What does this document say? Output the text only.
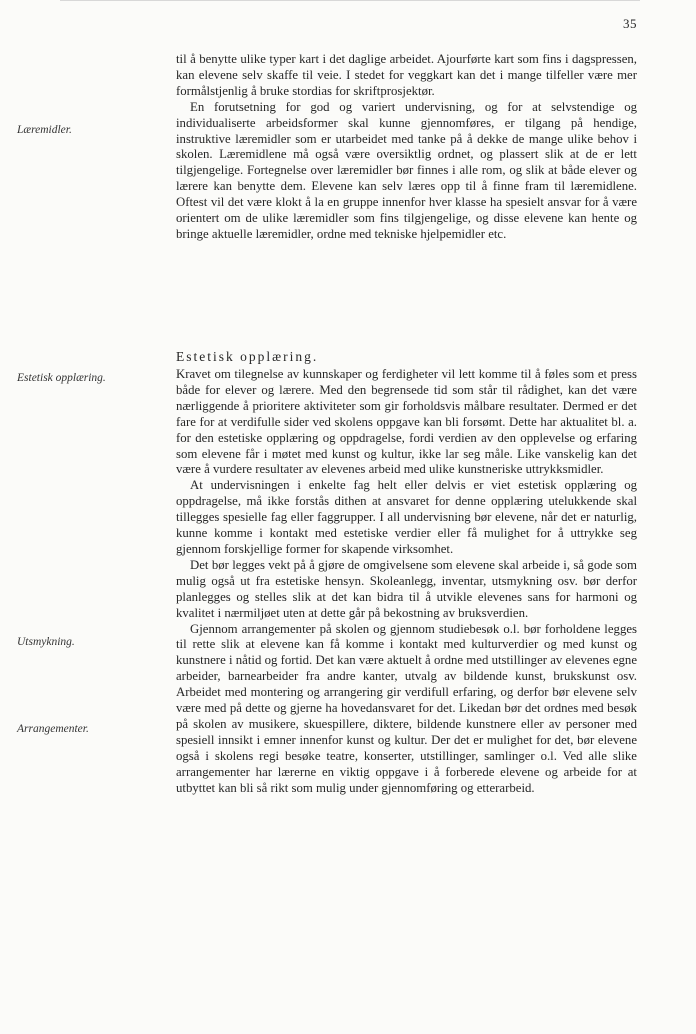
35
Læremidler.
Estetisk opplæring.
Utsmykning.
Arrangementer.

til å benytte ulike typer kart i det daglige arbeidet. Ajourførte kart som fins i dagspressen, kan elevene selv skaffe til veie. I stedet for veggkart kan det i mange tilfeller være mer formålstjenlig å bruke stordias for skriftprosjektør.

En forutsetning for god og variert undervisning, og for at selvstendige og individualiserte arbeidsformer skal kunne gjennomføres, er tilgang på hendige, instruktive læremidler som er utarbeidet med tanke på å dekke de mange ulike behov i skolen. Læremidlene må også være oversiktlig ordnet, og plassert slik at de er lett tilgjengelige. Fortegnelse over læremidler bør finnes i alle rom, og slik at både elever og lærere kan benytte dem. Elevene kan selv læres opp til å finne fram til læremidlene. Oftest vil det være klokt å la en gruppe innenfor hver klasse ha spesielt ansvar for å være orientert om de ulike læremidler som fins tilgjengelige, og disse elevene kan hente og bringe aktuelle læremidler, ordne med tekniske hjelpemidler etc.

Estetisk opplæring.

Kravet om tilegnelse av kunnskaper og ferdigheter vil lett komme til å føles som et press både for elever og lærere. Med den begrensede tid som står til rådighet, kan det være nærliggende å prioritere aktiviteter som gir forholdsvis målbare resultater. Dermed er det fare for at verdifulle sider ved skolens oppgave kan bli forsømt. Dette har aktualitet bl. a. for den estetiske opplæring og oppdragelse, fordi verdien av den opplevelse og erfaring som elevene får i møtet med kunst og kultur, ikke lar seg måle. Like vanskelig kan det være å vurdere resultater av elevenes arbeid med ulike kunstneriske uttrykksmidler.

At undervisningen i enkelte fag helt eller delvis er viet estetisk opplæring og oppdragelse, må ikke forstås dithen at ansvaret for denne opplæring utelukkende skal tillegges spesielle fag eller faggrupper. I all undervisning bør elevene, når det er naturlig, kunne komme i kontakt med estetiske verdier eller få mulighet for å uttrykke seg gjennom forskjellige former for skapende virksomhet.

Det bør legges vekt på å gjøre de omgivelsene som elevene skal arbeide i, så gode som mulig også ut fra estetiske hensyn. Skoleanlegg, inventar, utsmykning osv. bør derfor planlegges og stelles slik at det kan bidra til å utvikle elevenes sans for harmoni og kvalitet i nærmiljøet uten at dette går på bekostning av bruksverdien.

Gjennom arrangementer på skolen og gjennom studiebesøk o.l. bør forholdene legges til rette slik at elevene kan få komme i kontakt med kulturverdier og med kunst og kunstnere i nåtid og fortid. Det kan være aktuelt å ordne med utstillinger av elevenes egne arbeider, barnearbeider fra andre kanter, utvalg av bildende kunst, brukskunst osv. Arbeidet med montering og arrangering gir verdifull erfaring, og derfor bør elevene selv være med på dette og gjerne ha hovedansvaret for det. Likedan bør det ordnes med besøk på skolen av musikere, skuespillere, diktere, bildende kunstnere eller av personer med spesiell innsikt i emner innenfor kunst og kultur. Der det er mulighet for det, bør elevene også i skolens regi besøke teatre, konserter, utstillinger, samlinger o.l. Ved alle slike arrangementer har lærerne en viktig oppgave i å forberede elevene og arbeide for at utbyttet kan bli så rikt som mulig under gjennomføring og etterarbeid.
